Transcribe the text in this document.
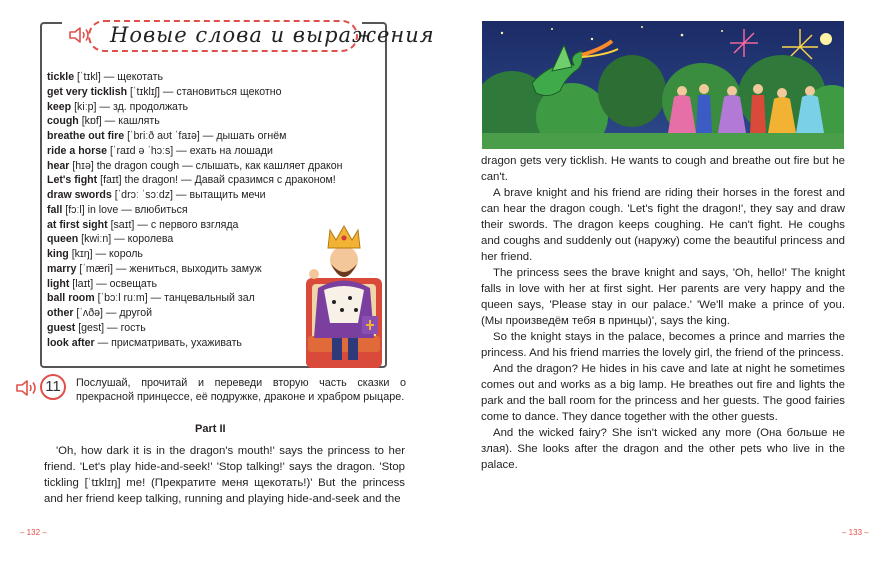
Новые слова и выражения
tickle [ˈtɪkl] — щекотать
get very ticklish [ˈtɪklɪʃ] — становиться щекотно
keep [kiːp] — зд. продолжать
cough [kɒf] — кашлять
breathe out fire [ˈbriːð aʊt ˈfaɪə] — дышать огнём
ride a horse [ˈraɪd ə ˈhɔːs] — ехать на лошади
hear [hɪə] the dragon cough — слышать, как кашляет дракон
Let's fight [faɪt] the dragon! — Давай сразимся с драконом!
draw swords [ˈdrɔː ˈsɔːdz] — вытащить мечи
fall [fɔːl] in love — влюбиться
at first sight [saɪt] — с первого взгляда
queen [kwiːn] — королева
king [kɪŋ] — король
marry [ˈmæri] — жениться, выходить замуж
light [laɪt] — освещать
ball room [ˈbɔːl ruːm] — танцевальный зал
other [ˈʌðə] — другой
guest [gest] — гость
look after — присматривать, ухаживать
11	Послушай, прочитай и переведи вторую часть сказки о прекрасной принцессе, её подружке, драконе и храбром рыцаре.
Part II

'Oh, how dark it is in the dragon's mouth!' says the princess to her friend. 'Let's play hide-and-seek!' 'Stop talking!' says the dragon. 'Stop tickling [ˈtɪklɪŋ] me! (Прекратите меня щекотать!)' But the princess and her friend keep talking, running and playing hide-and-seek and the

– 132 –

dragon gets very ticklish. He wants to cough and breathe out fire but he can't.

A brave knight and his friend are riding their horses in the forest and can hear the dragon cough. 'Let's fight the dragon!', they say and draw their swords. The dragon keeps coughing. He can't fight. He coughs and coughs and suddenly out (наружу) come the beautiful princess and her friend.

The princess sees the brave knight and says, 'Oh, hello!' The knight falls in love with her at first sight. Her parents are very happy and the queen says, 'Please stay in our palace.' 'We'll make a prince of you. (Мы произведём тебя в принцы)', says the king.

So the knight stays in the palace, becomes a prince and marries the princess. And his friend marries the lovely girl, the friend of the princess.

And the dragon? He hides in his cave and late at night he sometimes comes out and works as a big lamp. He breathes out fire and lights the park and the ball room for the princess and her guests. The good fairies come to dance. They dance together with the other guests.

And the wicked fairy? She isn't wicked any more (Она больше не злая). She looks after the dragon and the other pets who live in the palace.

– 133 –
